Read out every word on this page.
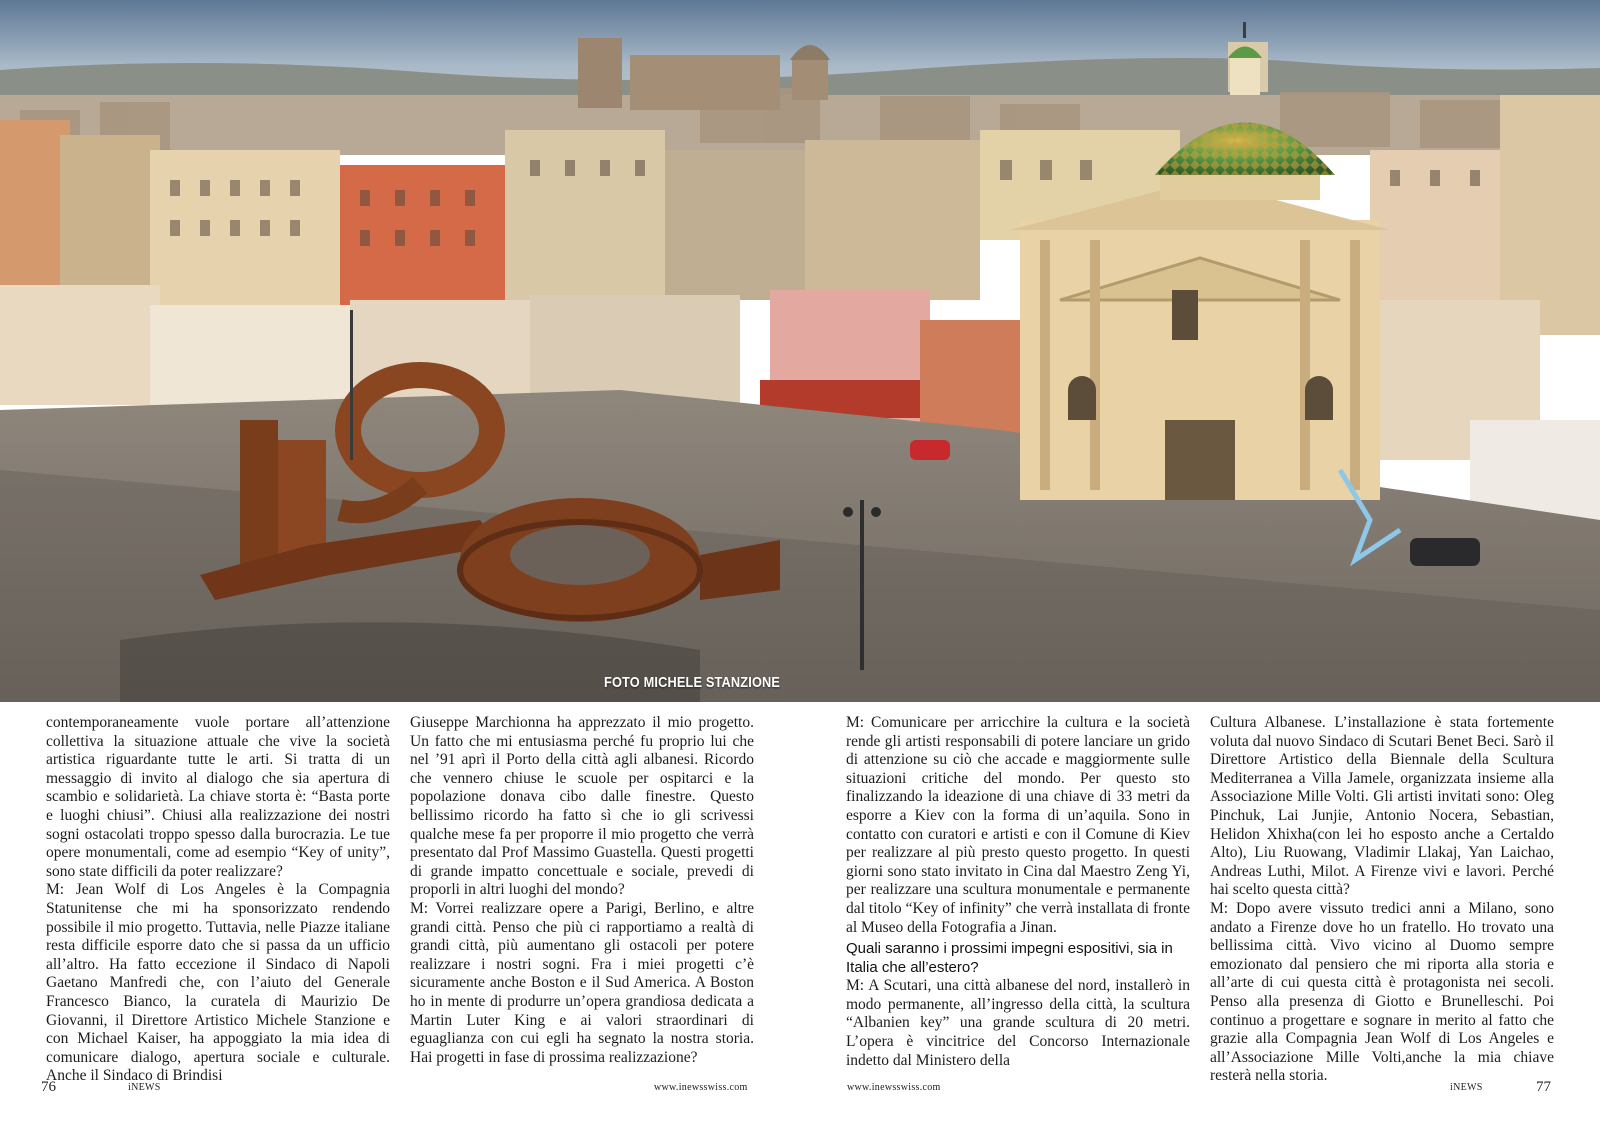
FOTO MICHELE STANZIONE

contemporaneamente vuole portare all’attenzione collettiva la situazione attuale che vive la società artistica riguardante tutte le arti. Si tratta di un messaggio di invito al dialogo che sia apertura di scambio e solidarietà. La chiave storta è: “Basta porte e luoghi chiusi”. Chiusi alla realizzazione dei nostri sogni ostacolati troppo spesso dalla burocrazia. Le tue opere monumentali, come ad esempio “Key of unity”, sono state difficili da poter realizzare?

M: Jean Wolf di Los Angeles è la Compagnia Statunitense che mi ha sponsorizzato rendendo possibile il mio progetto. Tuttavia, nelle Piazze italiane resta difficile esporre dato che si passa da un ufficio all’altro. Ha fatto eccezione il Sindaco di Napoli Gaetano Manfredi che, con l’aiuto del Generale Francesco Bianco, la curatela di Maurizio De Giovanni, il Direttore Artistico Michele Stanzione e con Michael Kaiser, ha appoggiato la mia idea di comunicare dialogo, apertura sociale e culturale. Anche il Sindaco di Brindisi

Giuseppe Marchionna ha apprezzato il mio progetto. Un fatto che mi entusiasma perché fu proprio lui che nel ’91 aprì il Porto della città agli albanesi. Ricordo che vennero chiuse le scuole per ospitarci e la popolazione donava cibo dalle finestre. Questo bellissimo ricordo ha fatto sì che io gli scrivessi qualche mese fa per proporre il mio progetto che verrà presentato dal Prof Massimo Guastella. Questi progetti di grande impatto concettuale e sociale, prevedi di proporli in altri luoghi del mondo?

M: Vorrei realizzare opere a Parigi, Berlino, e altre grandi città. Penso che più ci rapportiamo a realtà di grandi città, più aumentano gli ostacoli per potere realizzare i nostri sogni. Fra i miei progetti c’è sicuramente anche Boston e il Sud America. A Boston ho in mente di produrre un’opera grandiosa dedicata a Martin Luter King e ai valori straordinari di eguaglianza con cui egli ha segnato la nostra storia. Hai progetti in fase di prossima realizzazione?

M: Comunicare per arricchire la cultura e la società rende gli artisti responsabili di potere lanciare un grido di attenzione su ciò che accade e maggiormente sulle situazioni critiche del mondo. Per questo sto finalizzando la ideazione di una chiave di 33 metri da esporre a Kiev con la forma di un’aquila. Sono in contatto con curatori e artisti e con il Comune di Kiev per realizzare al più presto questo progetto. In questi giorni sono stato invitato in Cina dal Maestro Zeng Yi, per realizzare una scultura monumentale e permanente dal titolo “Key of infinity” che verrà installata di fronte al Museo della Fotografia a Jinan.

Quali saranno i prossimi impegni espositivi, sia in Italia che all’estero?

M: A Scutari, una città albanese del nord, installerò in modo permanente, all’ingresso della città, la scultura “Albanien key” una grande scultura di 20 metri. L’opera è vincitrice del Concorso Internazionale indetto dal Ministero della

Cultura Albanese. L’installazione è stata fortemente voluta dal nuovo Sindaco di Scutari Benet Beci. Sarò il Direttore Artistico della Biennale della Scultura Mediterranea a Villa Jamele, organizzata insieme alla Associazione Mille Volti. Gli artisti invitati sono: Oleg Pinchuk, Lai Junjie, Antonio Nocera, Sebastian, Helidon Xhixha(con lei ho esposto anche a Certaldo Alto), Liu Ruowang, Vladimir Llakaj, Yan Laichao, Andreas Luthi, Milot. A Firenze vivi e lavori. Perché hai scelto questa città?

M: Dopo avere vissuto tredici anni a Milano, sono andato a Firenze dove ho un fratello. Ho trovato una bellissima città. Vivo vicino al Duomo sempre emozionato dal pensiero che mi riporta alla storia e all’arte di cui questa città è protagonista nei secoli. Penso alla presenza di Giotto e Brunelleschi. Poi continuo a progettare e sognare in merito al fatto che grazie alla Compagnia Jean Wolf di Los Angeles e all’Associazione Mille Volti,anche la mia chiave resterà nella storia.

76	iNEWS	www.inewsswiss.com	www.inewsswiss.com	iNEWS	77
